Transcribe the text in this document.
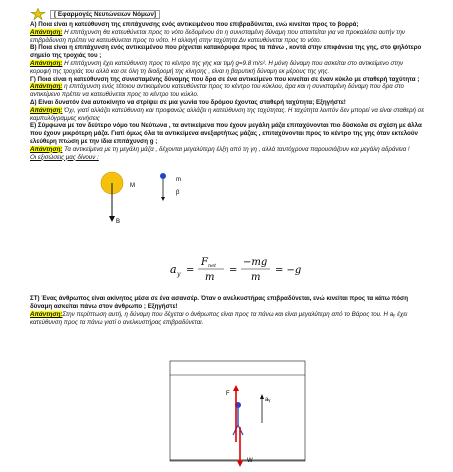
[ Εφαρμογές Νευτώνειων Νόμων]

Α) Ποια είναι η κατεύθυνση της επιτάχυνσης ενός αντικειμένου που επιβραδύνεται, ενώ κινείται προς το βορρά;

Απάντηση: Η επιτάχυνση θα κατευθύνεται προς το νότο δεδομένου ότι η συνισταμένη δύναμη που απαιτείται για να προκαλέσει αυτήν την επιβράδυνση πρέπει να κατευθύνεται προς το νότο. Η αλλαγή στην ταχύτητα Δν κατευθύνεται προς το νότο.

Β) Ποια είναι η επιτάχυνση ενός αντικειμένου που ρίχνεται κατακόρυφα προς τα πάνω , κοντά στην επιφάνεια της γης, στο ψηλότερο σημείο της τροχιάς του ;

Απάντηση: Η επιτάχυνση έχει κατεύθυνση προς το κέντρο της γης και τιμή g=9.8 m/s². Η μόνη δύναμη που ασκείται στο αντικείμενο στην κορυφή της τροχιάς του αλλά και σε όλη τη διαδρομή της κίνησης , είναι η βαρυτική δύναμη εκ μέρους της γης.

Γ) Ποια είναι η κατεύθυνση της συνισταμένης δύναμης που δρα σε ένα αντικείμενο που κινείται σε έναν κύκλο με σταθερή ταχύτητα ;

Απάντηση: η επιτάχυνση ενός τέτοιου αντικειμένου κατευθύνεται προς το κέντρο του κύκλου, άρα και η συνισταμένη δύναμη που δρα στο αντικείμενο πρέπει να κατευθύνεται προς το κέντρο του κύκλο.

Δ) Είναι δυνατόν ένα αυτοκίνητο να στρίψει σε μια γωνία του δρόμου έχοντας σταθερή ταχύτητα; Εξηγήστε!

Απάντηση: Όχι, γιατί αλλάζει κατεύθυνση και προφανώς αλλάζει η κατεύθυνση της ταχύτητας. Η ταχύτητα λοιπόν δεν μπορεί να είναι σταθερή σε καμπυλόγραμμες κινήσεις

Ε) Σύμφωνα με τον δεύτερο νόμο του Νεύτωνα , τα αντικείμενα που έχουν μεγάλη μάζα επιταχύνονται πιο δύσκολα σε σχέση με άλλα που έχουν μικρότερη μάζα. Γιατί όμως όλα τα αντικείμενα ανεξαρτήτως μάζας , επιταχύνονται προς το κέντρο της γης όταν εκτελούν ελεύθερη πτώση με την ίδια επιτάχυνση g ;

Απάντηση: Τα αντικείμενα με τη μεγάλη μάζα , δέχονται μεγαλύτερη έλξη από τη γη , αλλά ταυτόχρονα παρουσιάζουν και μεγάλη αδράνεια !

Οι εξισώσεις μας δίνουν :

M
m
B
β
a y =
F net
m
=
−mg
m
= −g

ΣΤ) Ένας άνθρωπος είναι ακίνητος μέσα σε ένα ασανσέρ. Όταν ο ανελκυστήρας επιβραδύνεται, ενώ κινείται προς τα κάτω πόση δύναμη ασκείται πάνω στον άνθρωπο ; Εξηγήστε!

Απάντηση:Στην περίπτωση αυτή, η δύναμη που δέχεται ο άνθρωπος είναι προς τα πάνω και είναι μεγαλύτερη από το Βάρος του. Η aᵧ έχει κατεύθυνση προς τα πάνω γιατί ο ανελκυστήρας επιβραδύνεται.

F
W
aᵧ
